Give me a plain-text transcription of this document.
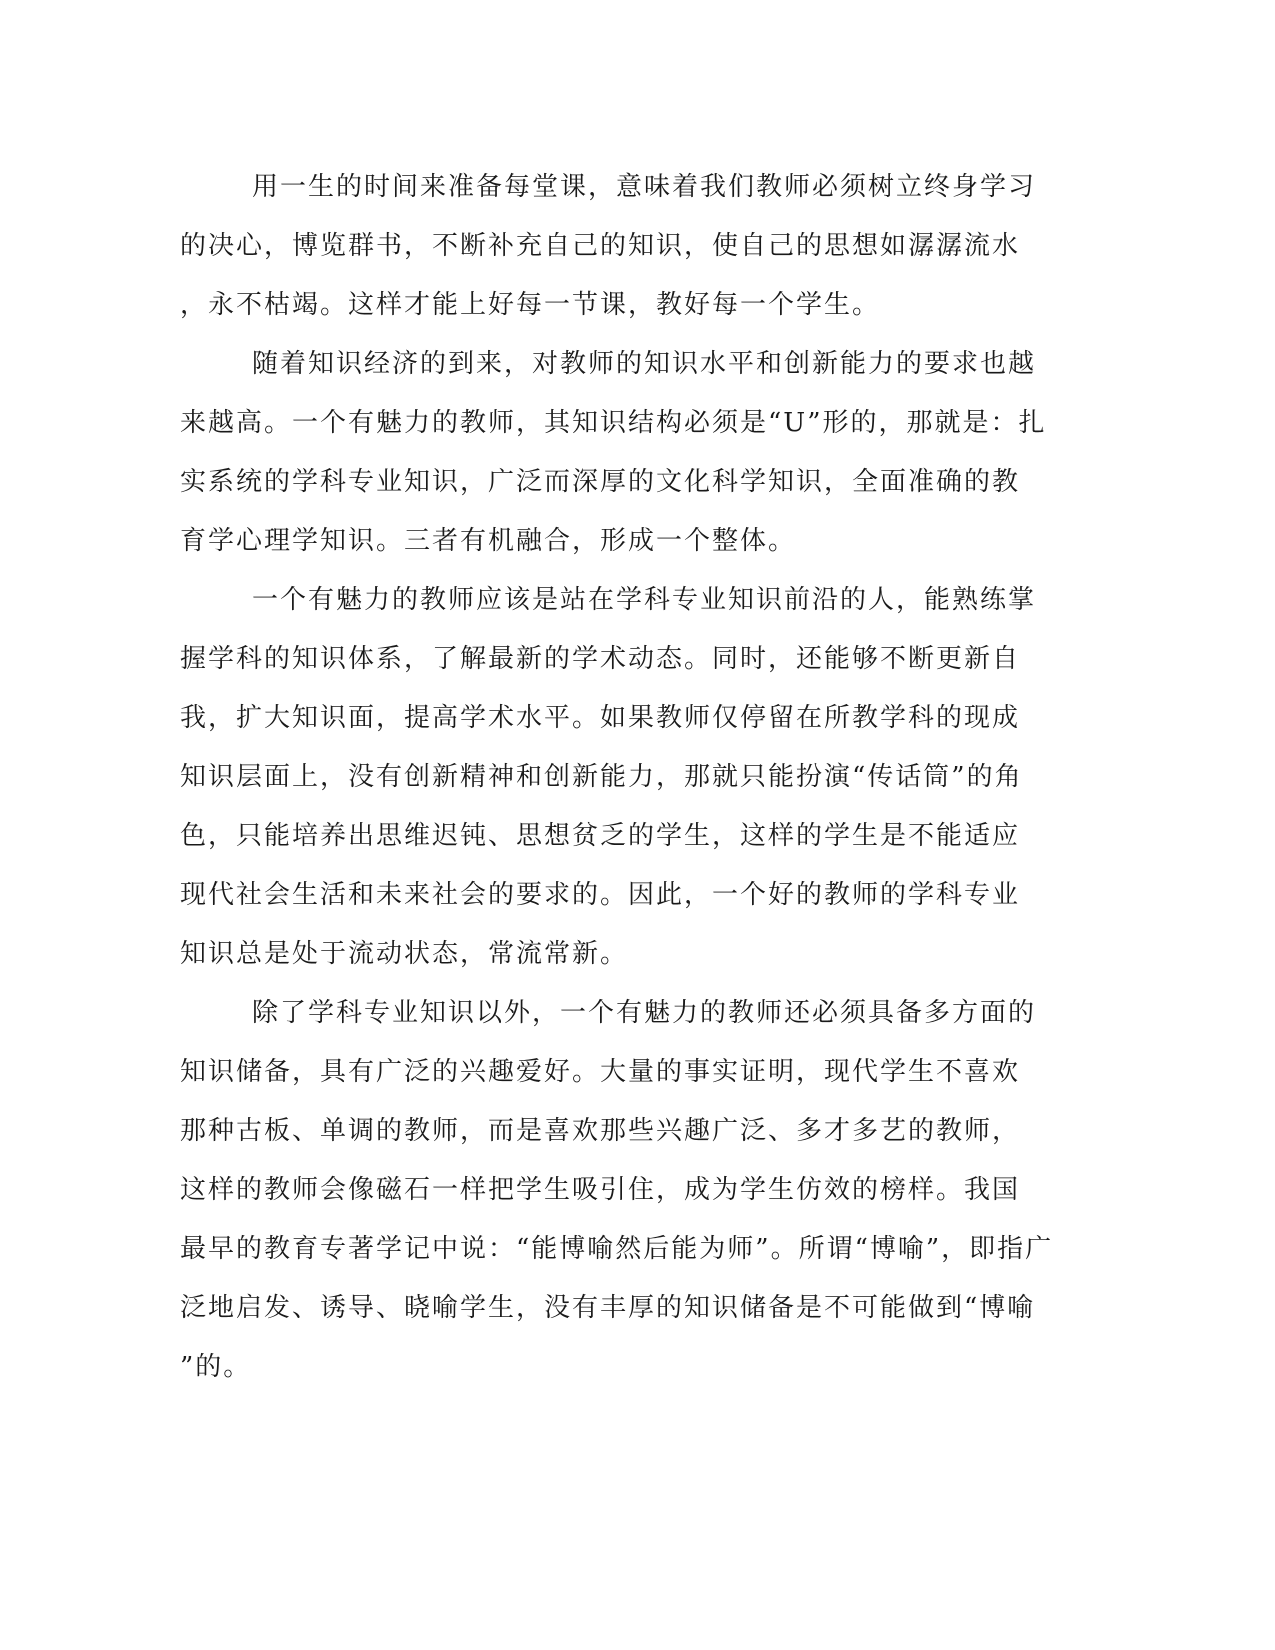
用一生的时间来准备每堂课，意味着我们教师必须树立终身学习
的决心，博览群书，不断补充自己的知识，使自己的思想如潺潺流水
，永不枯竭。这样才能上好每一节课，教好每一个学生。
随着知识经济的到来，对教师的知识水平和创新能力的要求也越
来越高。一个有魅力的教师，其知识结构必须是“U”形的，那就是：扎
实系统的学科专业知识，广泛而深厚的文化科学知识，全面准确的教
育学心理学知识。三者有机融合，形成一个整体。
一个有魅力的教师应该是站在学科专业知识前沿的人，能熟练掌
握学科的知识体系，了解最新的学术动态。同时，还能够不断更新自
我，扩大知识面，提高学术水平。如果教师仅停留在所教学科的现成
知识层面上，没有创新精神和创新能力，那就只能扮演“传话筒”的角
色，只能培养出思维迟钝、思想贫乏的学生，这样的学生是不能适应
现代社会生活和未来社会的要求的。因此，一个好的教师的学科专业
知识总是处于流动状态，常流常新。
除了学科专业知识以外，一个有魅力的教师还必须具备多方面的
知识储备，具有广泛的兴趣爱好。大量的事实证明，现代学生不喜欢
那种古板、单调的教师，而是喜欢那些兴趣广泛、多才多艺的教师，
这样的教师会像磁石一样把学生吸引住，成为学生仿效的榜样。我国
最早的教育专著学记中说：“能博喻然后能为师”。所谓“博喻”，即指广
泛地启发、诱导、晓喻学生，没有丰厚的知识储备是不可能做到“博喻
”的。
